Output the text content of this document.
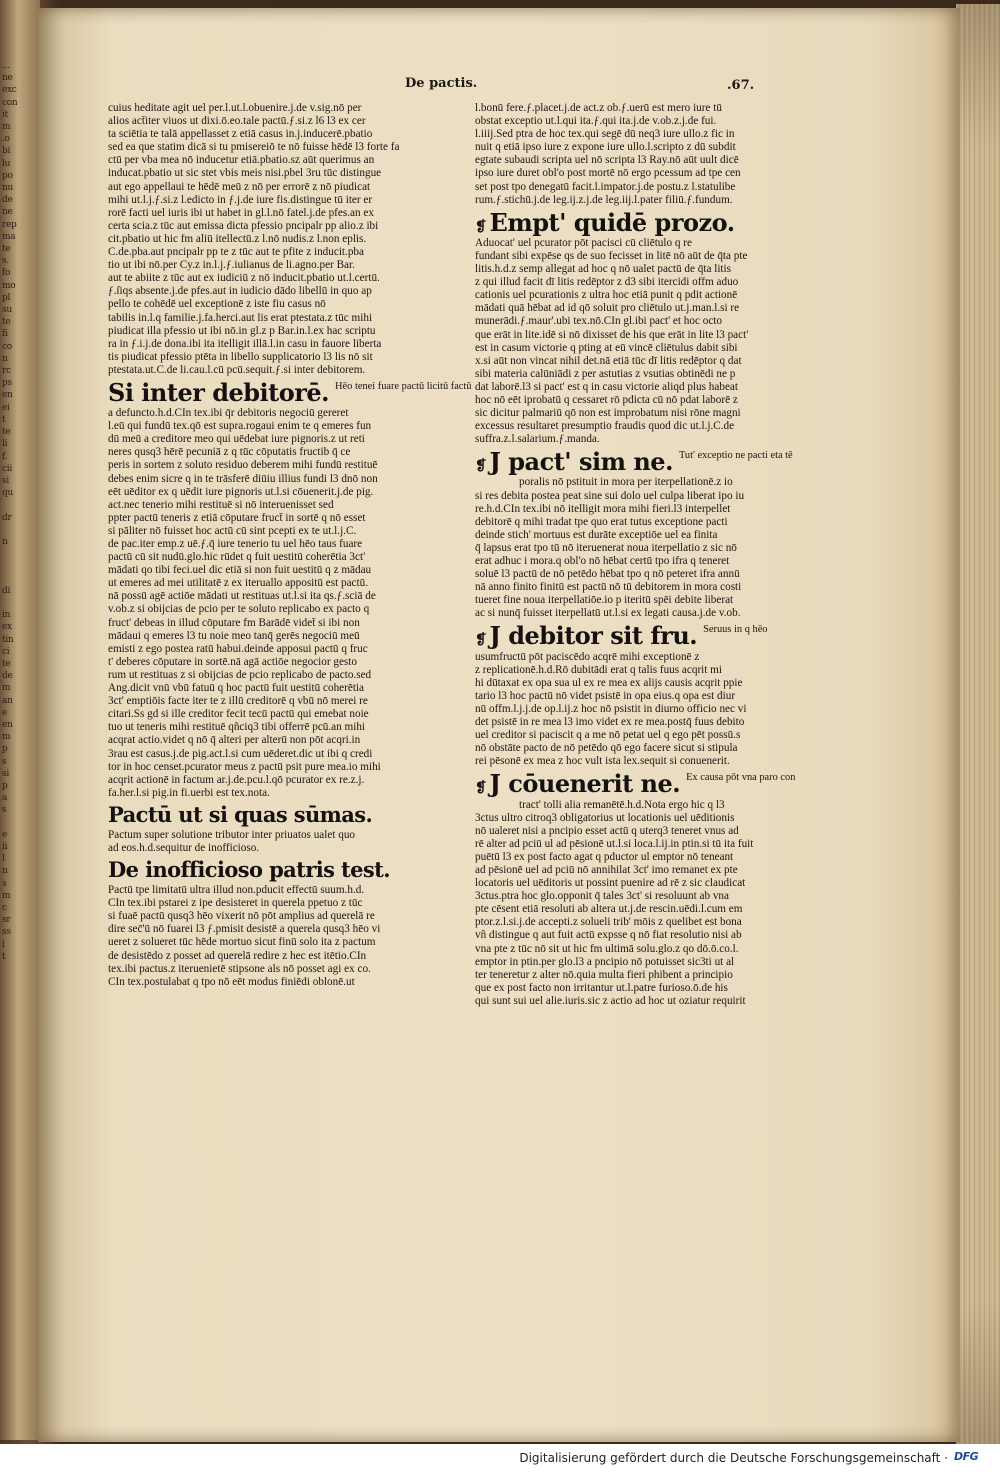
...
ne
exc
con
it
m
.o
bi
lu
po
nu
de
ne
rep
ma
te
s.
fo
mo
pl
su
te
fi
co
n
rc
ps
en
ei
t
te
li
f.
cii
si
qu

dr

n

di

in
ex
tin
ci
te
de
m
an
e
en
m
p
s
si
p
a
s

e
ii
l
n
s
m
c
sr
ss
i
t
De pactis.	.67.
cuius heditate agit uel per.l.ut.l.obuenire.j.de v.sig.nō per
alios act̄iter viuos ut dixi.ō.eo.tale pactū.ƒ.si.z l̄6 l3 ex cer
ta sciētia te talā appellasset z etiā casus in.j.inducerē.pbatio
sed ea que statim dicā si tu pmisereiō te nō fuisse hēdē l3 forte fa
ctū per vba mea nō inducetur etiā.pbatio.sz aūt querimus an
inducat.pbatio ut sic stet vbis meis nisi.pbel 3ru tūc distingue
aut ego appellaui te hēdē meū z nō per errorē z nō piudicat
mihi ut.l.j.ƒ.si.z l.edicto in ƒ.j.de iure fis.distingue tū iter er
rorē facti uel iuris ibi ut habet in gl.l.nō fatel.j.de pfes.an ex
certa scia.z tūc aut emissa dicta pfessio pncipalr pp alio.z ibi
cit.pbatio ut hic fm aliū itellectū.z l.nō nudis.z l.non eplis.
C.de.pba.aut pncipalr pp te z tūc aut te pfite z inducit.pba
tio ut ibi nō.per Cy.z in.l.j.ƒ.iulianus de li.agno.per Bar.
aut te abiite z tūc aut ex iudiciū z nō inducit.pbatio ut.l.certū.
ƒ.ſiqs absente.j.de pfes.aut in iudicio dādo libellū in quo ap
pello te cohēdē uel exceptionē z iste fiu casus nō
tabilis in.l.q familie.j.fa.herci.aut lis erat ptestata.z tūc mihi
piudicat illa pfessio ut ibi nō.in gl.z p Bar.in.l.ex hac scriptu
ra in ƒ.i.j.de dona.ibi ita itelligit illā.l.in casu in fauore liberta
tis piudicat pfessio ptēta in libello supplicatorio l3 lis nō sit
ptestata.ut.C.de li.cau.l.cū pcū.sequit.ƒ.si inter debitorem.
Si inter debitorē. Hēo tenei fuare pactū licitū factū
a defuncto.h.d.CIn tex.ibi q̄r debitoris negociū gereret
l.eū qui fundū tex.qō est supra.rogaui enim te q emeres fun
dū meū a creditore meo qui uēdebat iure pignoris.z ut reti
neres qusq3 hērē pecuniā z q tūc cōputatis fructib q̄ ce
peris in sortem z soluto residuo deberem mihi fundū restituē
debes enim sicre q in te trāsferē diūiu illius fundi l3 dnō non
eēt uēditor ex q uēdit iure pignoris ut.l.si cōuenerit.j.de pig.
act.nec tenerio mihi restituē si nō interuenisset sed
ppter pactū teneris z etiā cōputare fruct̄ in sortē q nō esset
si pāliter nō fuisset hoc actū cū sint pcepti ex te ut.l.j.C.
de pac.iter emp.z uē.ƒ.q̄ iure tenerio tu uel hēo taus fuare
pactū cū sit nudū.glo.hic rūdet q fuit uestitū coherētia 3ct'
mādati qo tibi feci.uel dic etiā si non fuit uestitū q z mādau
ut emeres ad mei utilitatē z ex iteruallo appositū est pactū.
nā possū agē actiōe mādati ut restituas ut.l.si ita qs.ƒ.sciā de
v.ob.z si obijcias de pcio per te soluto replicabo ex pacto q
fruct' debeas in illud cōputare fm Barādē videt̄ si ibi non
mādaui q emeres l3 tu noie meo tanq̄ gerēs negociū meū
emisti z ego postea ratū habui.deinde apposui pactū q fruc
t' deberes cōputare in sortē.nā agā actiōe negocior gesto
rum ut restituas z si obijcias de pcio replicabo de pacto.sed
Ang.dicit vnū vbū fatuū q hoc pactū fuit uestitū coherētia
3ct' emptiōis facte iter te z illū creditorē q vbū nō merei re
citari.Ss gd si ille creditor fecit tecū pactū qui emebat noie
tuo ut teneris mihi restituē qñciq3 tibi offerrē pcū.an mihi
acqrat actio.videt q nō q̄ alteri per alterū non pōt acqri.in
3rau est casus.j.de pig.act.l.si cum uēderet.dic ut ibi q credi
tor in hoc censet.pcurator meus z pactū psit pure mea.io mihi
acqrit actionē in factum ar.j.de.pcu.l.qō pcurator ex re.z.j.
fa.her.l.si pig.in fi.uerbi est tex.nota.
Pactū ut si quas sūmas.
Pactum super solutione tributor inter priuatos ualet quo
ad eos.h.d.sequitur de inofficioso.
De inofficioso patris test.
Pactū tpe limitatū ultra illud non.pducit effectū suum.h.d.
CIn tex.ibi pstarei z ipe desisteret in querela ppetuo z tūc
si fuaē pactū qusq3 hēo vixerit nō pōt amplius ad querelā re
dire sec̄'ū nō fuarei l3 ƒ.pmisit desistē a querela qusq3 hēo vi
ueret z solueret tūc hēde mortuo sicut finū solo ita z pactum
de desistēdo z posset ad querelā redire z hec est itētio.CIn
tex.ibi pactus.z iteruenietē stipsone als nō posset agi ex co.
CIn tex.postulabat q tpo nō eēt modus finiēdi oblonē.ut
l.bonū fere.ƒ.placet.j.de act.z ob.ƒ.uerū est mero iure tū
obstat exceptio ut.l.qui ita.ƒ.qui ita.j.de v.ob.z.j.de fui.
l.iiij.Sed ptra de hoc tex.qui segē dū neq3 iure ullo.z fic in
nuit q etiā ipso iure z expone iure ullo.l.scripto z dū subdit
egtate subaudi scripta uel nō scripta l3 Ray.nō aūt uult dicē
ipso iure duret obl'o post mortē nō ergo pcessum ad tpe cen
set post tpo denegatū facit.l.impator.j.de postu.z l.statulibe
rum.ƒ.stichū.j.de leg.ij.z.j.de leg.iij.l.pater filiū.ƒ.fundum.
❡ Empt' quidē prozo.
Aduocat' uel pcurator pōt pacisci cū cliētulo q re
fundant sibi expēse qs de suo fecisset in litē nō aūt de q̄ta pte
litis.h.d.z semp allegat ad hoc q nō ualet pactū de q̄ta litis
z qui illud facit dī litis redēptor z d3 sibi itercidi offm aduo
cationis uel pcurationis z ultra hoc etiā punit q pdit actionē
mādati quā hēbat ad id qō soluit pro cliētulo ut.j.man.l.si re
munerādi.ƒ.maur'.ubi tex.nō.CIn gl.ibi pact' et hoc octo
que erāt in lite.idē si nō dixisset de his que erāt in lite l3 pact'
est in casum victorie q pting at eū vincē cliētulus dabit sibi
x.si aūt non vincat nihil det.nā etiā tūc dī litis redēptor q dat
sibi materia calūniādi z per astutias z vsutias obtinēdi ne p
dat laborē.l3 si pact' est q in casu victorie aliqd plus habeat
hoc nō eēt iprobatū q cessaret rō pdicta cū nō pdat laborē z
sic dicitur palmariū qō non est improbatum nisi rōne magni
excessus resultaret presumptio fraudis quod dic ut.l.j.C.de
suffra.z.l.salarium.ƒ.manda.
❡ J pact' sim ne. Tut' exceptio ne pacti eta tē
poralis nō pstituit in mora per iterpellationē.z io
si res debita postea peat sine sui dolo uel culpa liberat ipo iu
re.h.d.CIn tex.ibi nō itelligit mora mihi fieri.l3 interpellet
debitorē q mihi tradat tpe quo erat tutus exceptione pacti
deinde stich' mortuus est durāte exceptiōe uel ea finita
q̄ lapsus erat tpo tū nō iteruenerat noua iterpellatio z sic nō
erat adhuc i mora.q obl'o nō hēbat certū tpo ifra q teneret
soluē l3 pactū de nō petēdo hēbat tpo q nō peteret ifra annū
nā anno finito finitū est pactū nō tū debitorem in mora costi
tueret fine noua iterpellatiōe.io p iteritū spēi debite liberat
ac si nunq̄ fuisset iterpellatū ut.l.si ex legati causa.j.de v.ob.
❡ J debitor sit fru. Seruus in q hēo
usumfructū pōt paciscēdo acqrē mihi exceptionē z
z replicationē.h.d.Rō dubitādi erat q talis fuus acqrit mi
hi dūtaxat ex opa sua ul ex re mea ex alijs causis acqrit ppie
tario l3 hoc pactū nō videt psistē in opa eius.q opa est diur
nū offm.l.j.j.de op.l.ij.z hoc nō psistit in diurno officio nec vi
det psistē in re mea l3 imo videt ex re mea.postq̄ fuus debito
uel creditor si paciscit q a me nō petat uel q ego pēt possū.s
nō obstāte pacto de nō petēdo qō ego facere sicut si stipula
rei pēsonē ex mea z hoc vult ista lex.sequit si conuenerit.
❡ J cōuenerit ne. Ex causa pōt vna paro con
tract' tolli alia remanētē.h.d.Nota ergo hic q l3
3ctus ultro citroq3 obligatorius ut locationis uel uēditionis
nō ualeret nisi a pncipio esset actū q uterq3 teneret vnus ad
rē alter ad pciū ul ad pēsionē ut.l.si loca.l.ij.in ptin.si tū ita fuit
puētū l3 ex post facto agat q pductor ul emptor nō teneant
ad pēsionē uel ad pciū nō annihilat 3ct' imo remanet ex pte
locatoris uel uēditoris ut possint puenire ad rē z sic claudicat
3ctus.ptra hoc glo.opponit q̄ tales 3ct' si resoluunt ab vna
pte cēsent etiā resoluti ab altera ut.j.de rescin.uēdi.l.cum em
ptor.z.l.si.j.de accepti.z solueli trib' mōis z quelibet est bona
vñ distingue q aut fuit actū expsse q nō fiat resolutio nisi ab
vna pte z tūc nō sit ut hic fm ultimā solu.glo.z qo dō.ō.co.l.
emptor in ptin.per glo.l3 a pncipio nō potuisset sic3ti ut al
ter teneretur z alter nō.quia multa fieri phibent a principio
que ex post facto non irritantur ut.l.patre furioso.ō.de his
qui sunt sui uel alie.iuris.sic z actio ad hoc ut oziatur requirit
Digitalisierung gefördert durch die Deutsche Forschungsgemeinschaft · DFG
